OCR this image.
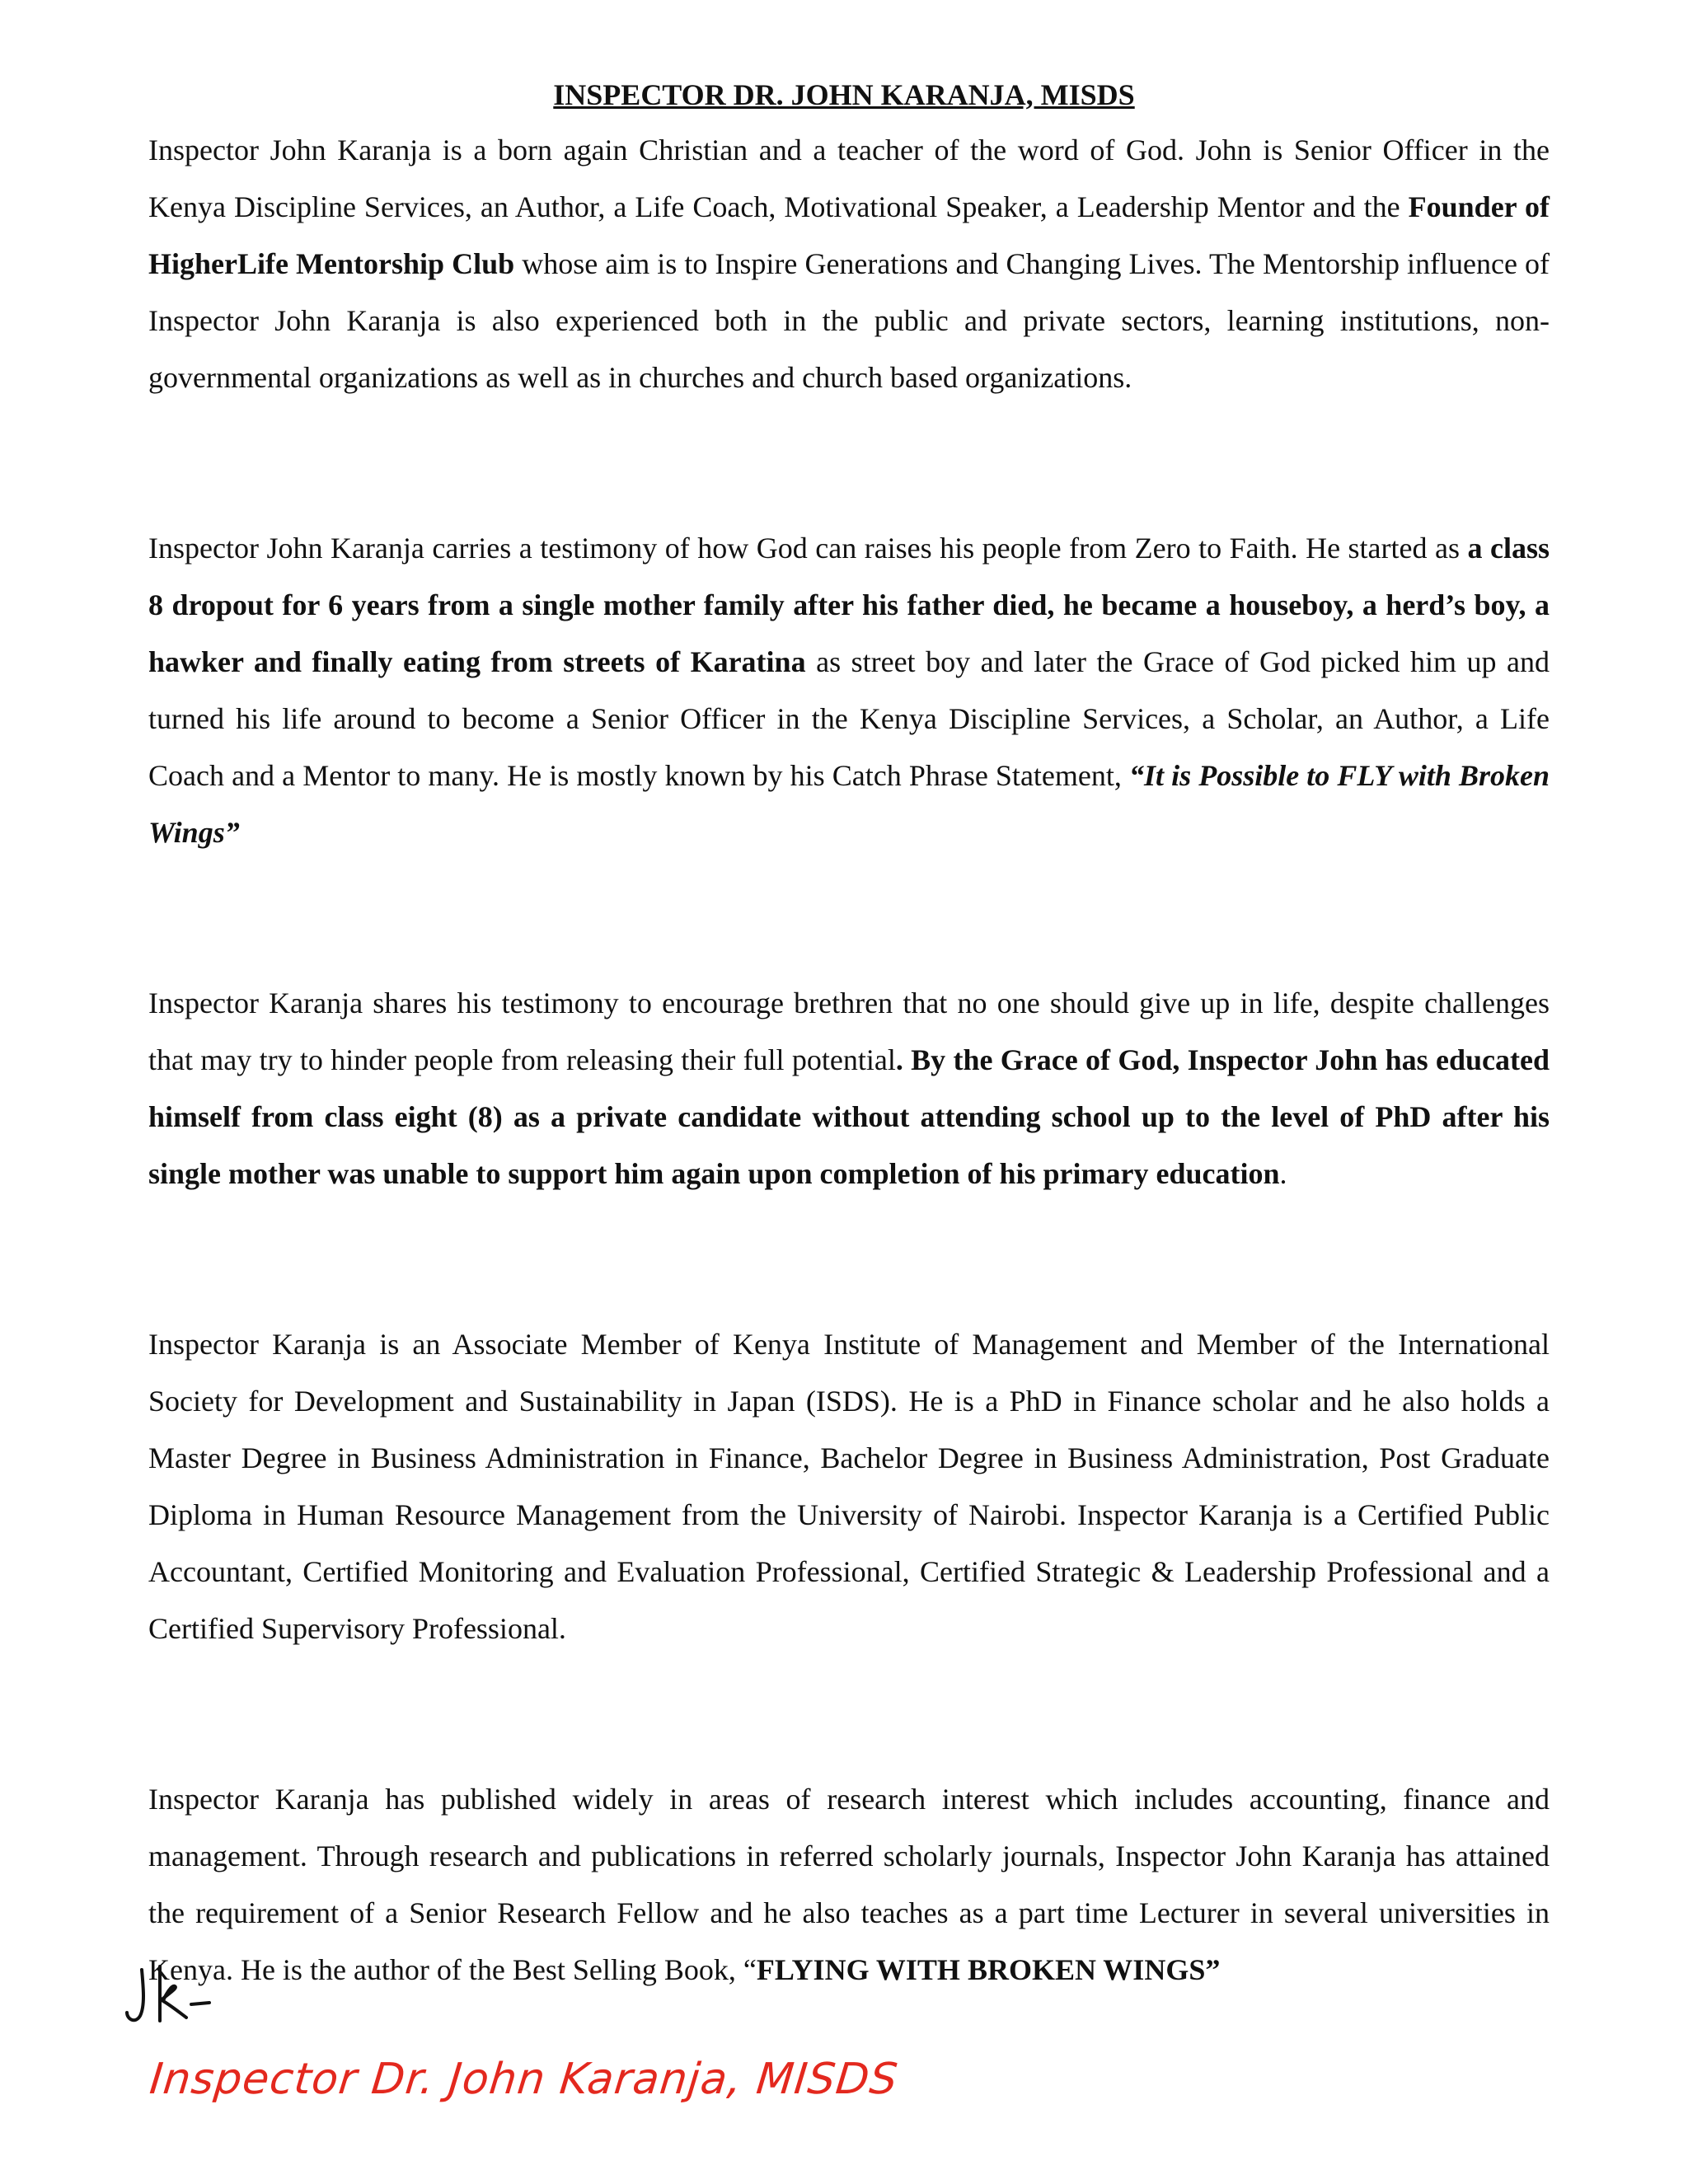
INSPECTOR DR. JOHN KARANJA, MISDS

Inspector John Karanja is a born again Christian and a teacher of the word of God. John is Senior Officer in the Kenya Discipline Services, an Author, a Life Coach, Motivational Speaker, a Leadership Mentor and the Founder of HigherLife Mentorship Club whose aim is to Inspire Generations and Changing Lives. The Mentorship influence of Inspector John Karanja is also experienced both in the public and private sectors, learning institutions, non-governmental organizations as well as in churches and church based organizations.

Inspector John Karanja carries a testimony of how God can raises his people from Zero to Faith. He started as a class 8 dropout for 6 years from a single mother family after his father died, he became a houseboy, a herd’s boy, a hawker and finally eating from streets of Karatina as street boy and later the Grace of God picked him up and turned his life around to become a Senior Officer in the Kenya Discipline Services, a Scholar, an Author, a Life Coach and a Mentor to many. He is mostly known by his Catch Phrase Statement, “It is Possible to FLY with Broken Wings”

Inspector Karanja shares his testimony to encourage brethren that no one should give up in life, despite challenges that may try to hinder people from releasing their full potential. By the Grace of God, Inspector John has educated himself from class eight (8) as a private candidate without attending school up to the level of PhD after his single mother was unable to support him again upon completion of his primary education.

Inspector Karanja is an Associate Member of Kenya Institute of Management and Member of the International Society for Development and Sustainability in Japan (ISDS). He is a PhD in Finance scholar and he also holds a Master Degree in Business Administration in Finance, Bachelor Degree in Business Administration, Post Graduate Diploma in Human Resource Management from the University of Nairobi. Inspector Karanja is a Certified Public Accountant, Certified Monitoring and Evaluation Professional, Certified Strategic & Leadership Professional and a Certified Supervisory Professional.

Inspector Karanja has published widely in areas of research interest which includes accounting, finance and management. Through research and publications in referred scholarly journals, Inspector John Karanja has attained the requirement of a Senior Research Fellow and he also teaches as a part time Lecturer in several universities in Kenya. He is the author of the Best Selling Book, “FLYING WITH BROKEN WINGS”

Inspector Dr. John Karanja, MISDS
